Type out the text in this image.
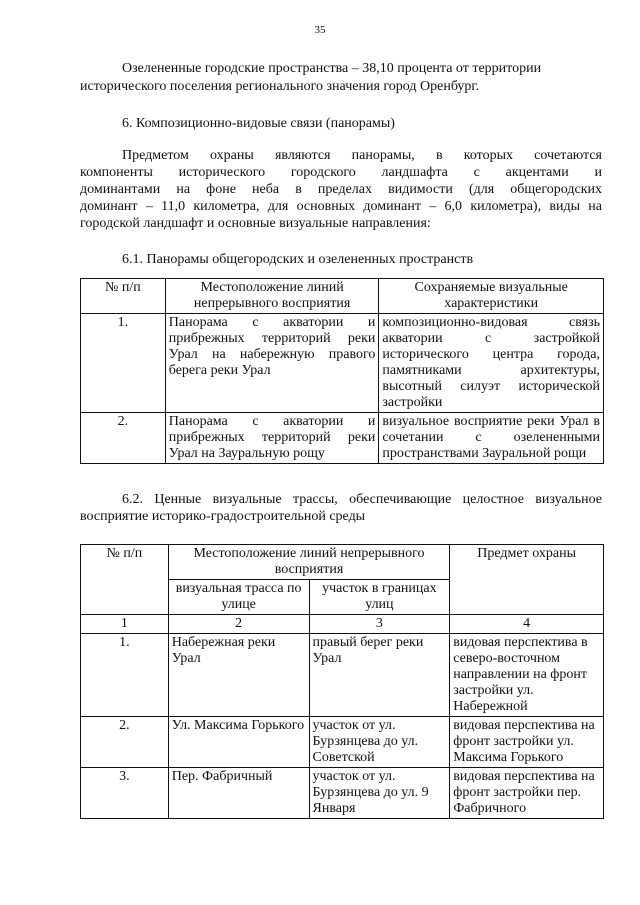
35
Озелененные городские пространства – 38,10 процента от территории
исторического поселения регионального значения город Оренбург.
6. Композиционно-видовые связи (панорамы)
Предметом охраны являются панорамы, в которых сочетаются
компоненты исторического городского ландшафта с акцентами и
доминантами на фоне неба в пределах видимости (для общегородских
доминант – 11,0 километра, для основных доминант – 6,0 километра), виды на
городской ландшафт и основные визуальные направления:
6.1. Панорамы общегородских и озелененных пространств
№ п/п	Местоположение линий непрерывного восприятия	Сохраняемые визуальные характеристики
1.	Панорама с акватории и прибрежных территорий реки Урал на набережную правого берега реки Урал	композиционно-видовая связь акватории с застройкой исторического центра города, памятниками архитектуры, высотный силуэт исторической застройки
2.	Панорама с акватории и прибрежных территорий реки Урал на Зауральную рощу	визуальное восприятие реки Урал в сочетании с озелененными пространствами Зауральной рощи
6.2. Ценные визуальные трассы, обеспечивающие целостное визуальное
восприятие историко-градостроительной среды
№ п/п	Местоположение линий непрерывного восприятия		Предмет охраны
	визуальная трасса по улице	участок в границах улиц	
1	2	3	4
1.	Набережная реки Урал	правый берег реки Урал	видовая перспектива в северо-восточном направлении на фронт застройки ул. Набережной
2.	Ул. Максима Горького	участок от ул. Бурзянцева до ул. Советской	видовая перспектива на фронт застройки ул. Максима Горького
3.	Пер. Фабричный	участок от ул. Бурзянцева до ул. 9 Января	видовая перспектива на фронт застройки пер. Фабричного
